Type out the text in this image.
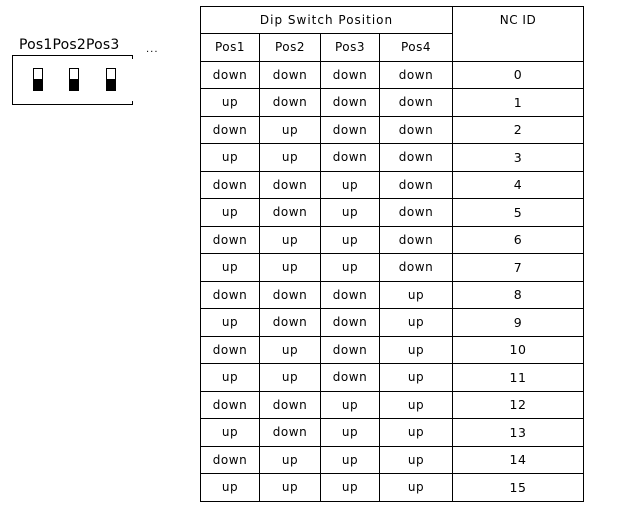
Pos1Pos2Pos3	...
Dip Switch Position				NC ID
Pos1	Pos2	Pos3	Pos4	
down	down	down	down	0
up	down	down	down	1
down	up	down	down	2
up	up	down	down	3
down	down	up	down	4
up	down	up	down	5
down	up	up	down	6
up	up	up	down	7
down	down	down	up	8
up	down	down	up	9
down	up	down	up	10
up	up	down	up	11
down	down	up	up	12
up	down	up	up	13
down	up	up	up	14
up	up	up	up	15
